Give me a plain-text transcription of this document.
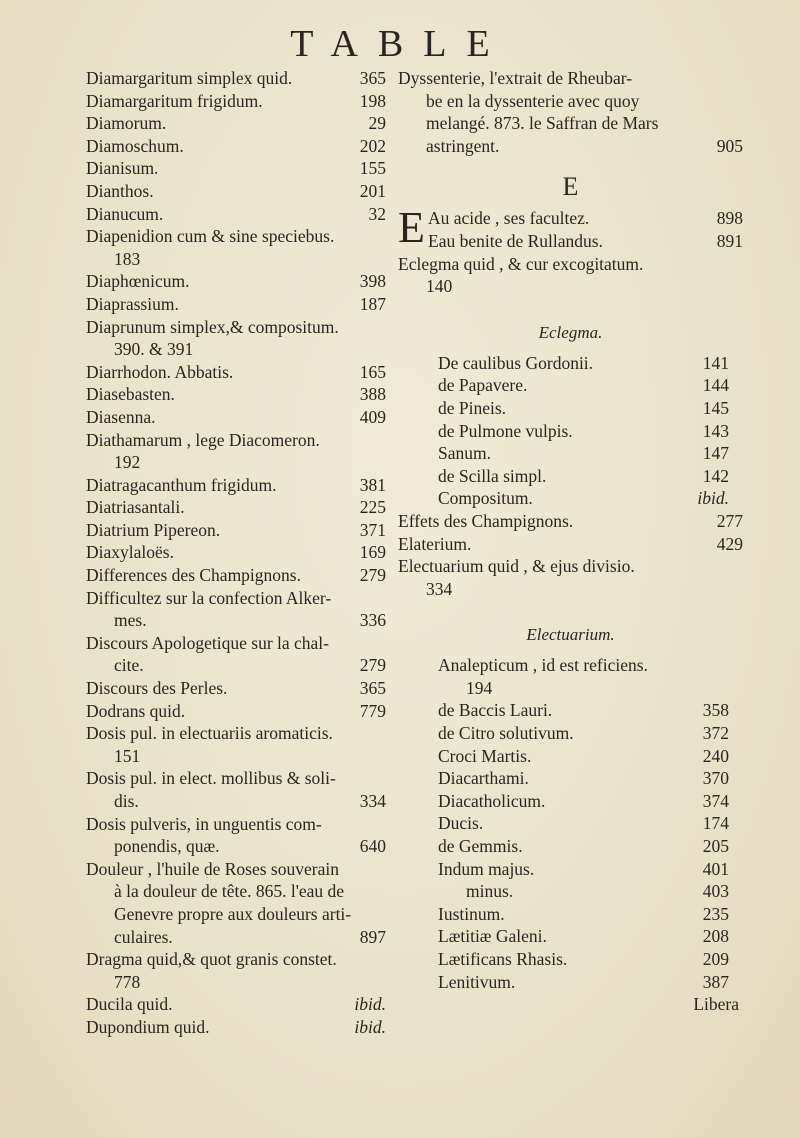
TABLE
Diamargaritum simplex quid.	365
Diamargaritum frigidum.	198
Diamorum.	29
Diamoschum.	202
Dianisum.	155
Dianthos.	201
Dianucum.	32
Diapenidion cum & sine speciebus.
183
Diaphœnicum.	398
Diaprassium.	187
Diaprunum simplex,& compositum.
390. & 391
Diarrhodon. Abbatis.	165
Diasebasten.	388
Diasenna.	409
Diathamarum , lege Diacomeron.
192
Diatragacanthum frigidum.	381
Diatriasantali.	225
Diatrium Pipereon.	371
Diaxylaloës.	169
Differences des Champignons.	279
Difficultez sur la confection Alker-
mes.	336
Discours Apologetique sur la chal-
cite.	279
Discours des Perles.	365
Dodrans quid.	779
Dosis pul. in electuariis aromaticis.
151
Dosis pul. in elect. mollibus & soli-
dis.	334
Dosis pulveris, in unguentis com-
ponendis, quæ.	640
Douleur , l'huile de Roses souverain
à la douleur de tête. 865. l'eau de
Genevre propre aux douleurs arti-
culaires.	897
Dragma quid,& quot granis constet.
778
Ducila quid.	ibid.
Dupondium quid.	ibid.
Dyssenterie, l'extrait de Rheubar-
be en la dyssenterie avec quoy
melangé. 873. le Saffran de Mars
astringent.	905
E
E Au acide , ses facultez.	898
Eau benite de Rullandus.	891
Eclegma quid , & cur excogitatum.
140
Eclegma.
De caulibus Gordonii.	141
de Papavere.	144
de Pineis.	145
de Pulmone vulpis.	143
Sanum.	147
de Scilla simpl.	142
Compositum.	ibid.
Effets des Champignons.	277
Elaterium.	429
Electuarium quid , & ejus divisio.
334
Electuarium.
Analepticum , id est reficiens.
194
de Baccis Lauri.	358
de Citro solutivum.	372
Croci Martis.	240
Diacarthami.	370
Diacatholicum.	374
Ducis.	174
de Gemmis.	205
Indum majus.	401
minus.	403
Iustinum.	235
Lætitiæ Galeni.	208
Lætificans Rhasis.	209
Lenitivum.	387
Libera
